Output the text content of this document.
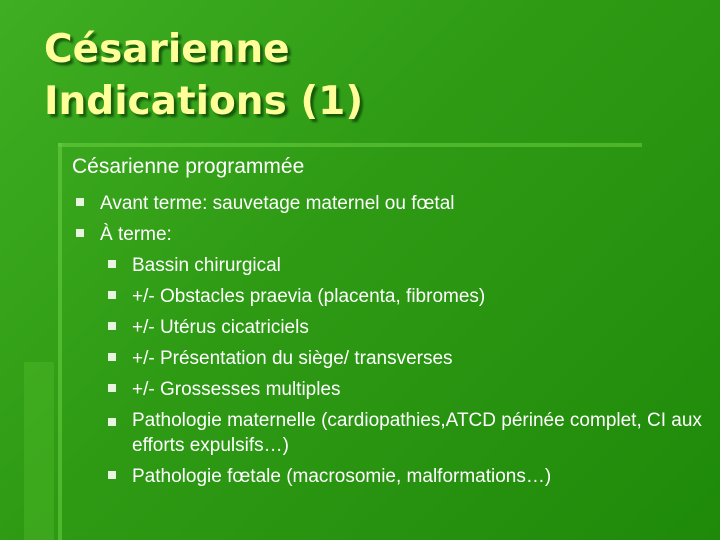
Césarienne
Indications (1)
Césarienne programmée
Avant terme: sauvetage maternel ou fœtal
À terme:
Bassin chirurgical
+/- Obstacles praevia (placenta, fibromes)
+/- Utérus cicatriciels
+/- Présentation du siège/ transverses
+/- Grossesses multiples
Pathologie maternelle (cardiopathies,ATCD périnée complet, CI aux efforts expulsifs…)
Pathologie fœtale (macrosomie, malformations…)
